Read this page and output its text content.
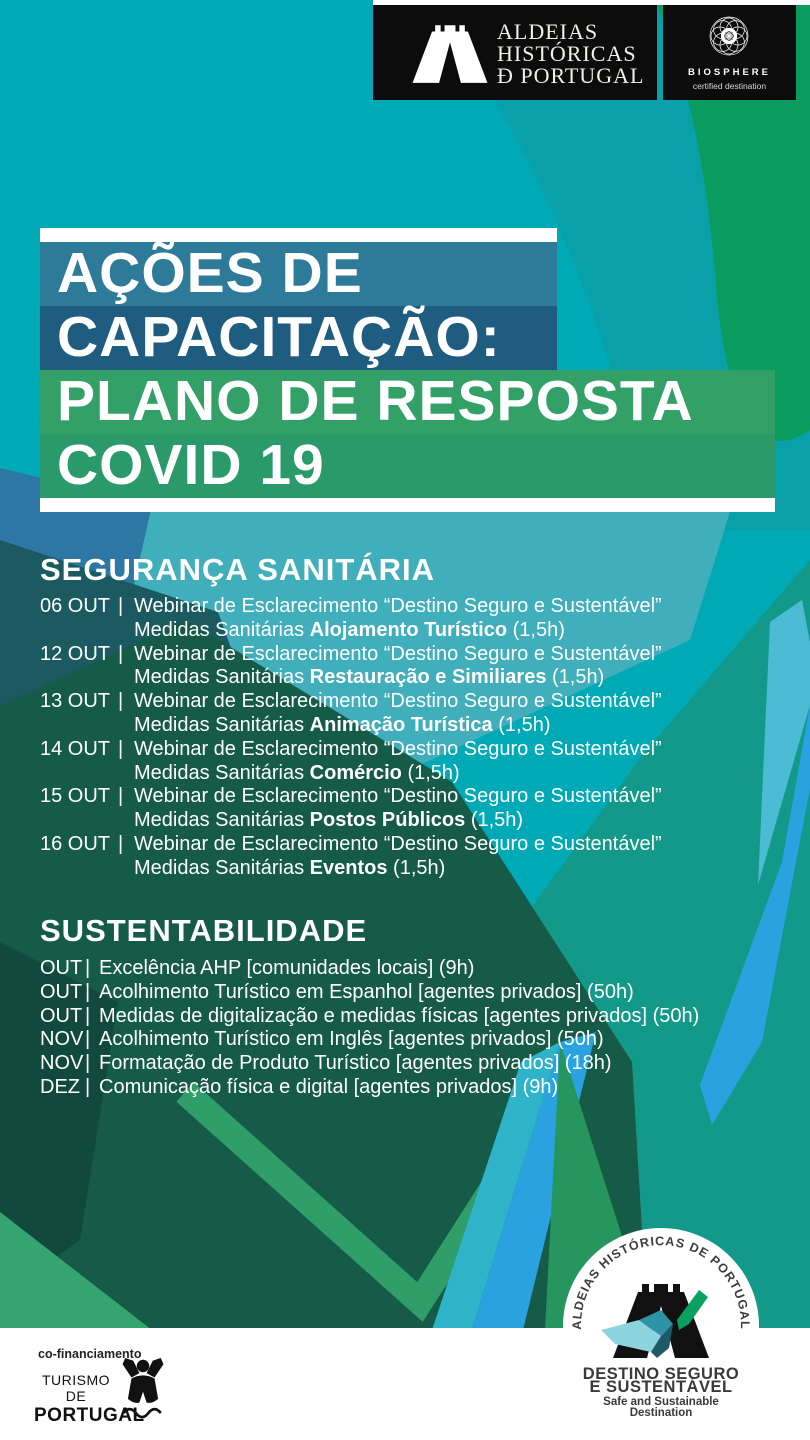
ALDEIAS
HISTÓRICAS
Ð PORTUGAL	BIOSPHERE
certified destination
AÇÕES DE
CAPACITAÇÃO:
PLANO DE RESPOSTA
COVID 19
SEGURANÇA SANITÁRIA
06 OUT | Webinar de Esclarecimento “Destino Seguro e Sustentável”
Medidas Sanitárias Alojamento Turístico (1,5h)
12 OUT | Webinar de Esclarecimento “Destino Seguro e Sustentável”
Medidas Sanitárias Restauração e Similiares (1,5h)
13 OUT | Webinar de Esclarecimento “Destino Seguro e Sustentável”
Medidas Sanitárias Animação Turística (1,5h)
14 OUT | Webinar de Esclarecimento “Destino Seguro e Sustentável”
Medidas Sanitárias Comércio (1,5h)
15 OUT | Webinar de Esclarecimento “Destino Seguro e Sustentável”
Medidas Sanitárias Postos Públicos (1,5h)
16 OUT | Webinar de Esclarecimento “Destino Seguro e Sustentável”
Medidas Sanitárias Eventos (1,5h)
SUSTENTABILIDADE
OUT | Excelência AHP [comunidades locais] (9h)
OUT | Acolhimento Turístico em Espanhol [agentes privados] (50h)
OUT | Medidas de digitalização e medidas físicas [agentes privados] (50h)
NOV| Acolhimento Turístico em Inglês [agentes privados] (50h)
NOV| Formatação de Produto Turístico [agentes privados] (18h)
DEZ | Comunicação física e digital [agentes privados] (9h)
co-financiamento
TURISMO DE
PORTUGAL
ALDEIAS HISTÓRICAS DE PORTUGAL
DESTINO SEGURO
E SUSTENTÁVEL
Safe and Sustainable
Destination
